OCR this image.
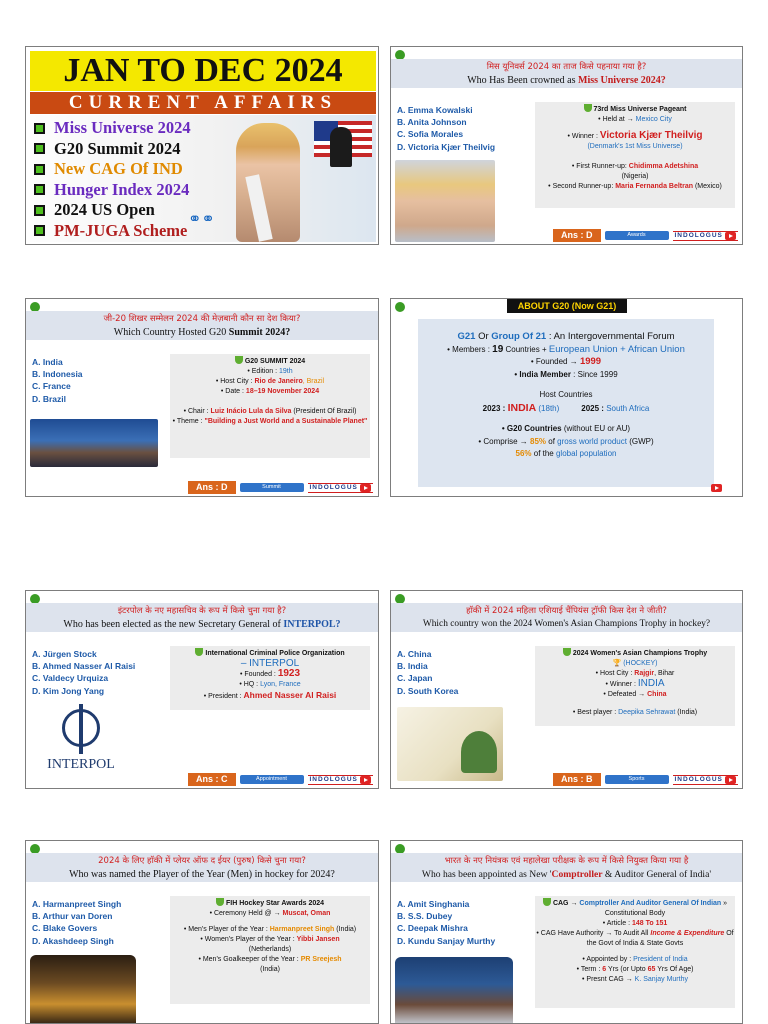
JAN TO DEC 2024
CURRENT AFFAIRS
Miss Universe 2024
G20 Summit 2024
New CAG Of IND
Hunger Index 2024
2024 US Open
PM-JUGA Scheme
⚭⚭
मिस यूनिवर्स 2024 का ताज किसे पहनाया गया है?
Who Has Been crowned as Miss Universe 2024?
A. Emma Kowalski
B. Anita Johnson
C. Sofia Morales
D. Victoria Kjær Theilvig
73rd Miss Universe Pageant
• Held at → Mexico City
• Winner : Victoria Kjær Theilvig
(Denmark's 1st Miss Universe)
• First Runner-up: Chidimma Adetshina
(Nigeria)
• Second Runner-up: Maria Fernanda Beltran (Mexico)
Ans : D	Awards	INDOLOGUS
जी-20 शिखर सम्मेलन 2024 की मेज़बानी कौन सा देश किया?
Which Country Hosted G20 Summit 2024?
A. India
B. Indonesia
C. France
D. Brazil
G20 SUMMIT 2024
• Edition : 19th
• Host City : Rio de Janeiro, Brazil
• Date : 18–19 November 2024
• Chair : Luiz Inácio Lula da Silva (President Of Brazil)
• Theme : "Building a Just World and a Sustainable Planet"
Ans : D	Summit	INDOLOGUS
ABOUT G20 (Now G21)
G21 Or Group Of 21 : An Intergovernmental Forum
• Members : 19 Countries + European Union + African Union
• Founded → 1999
• India Member : Since 1999
Host Countries
2023 : INDIA (18th)	2025 : South Africa
• G20 Countries (without EU or AU)
• Comprise → 85% of gross world product (GWP)
56% of the global population
इंटरपोल के नए महासचिव के रूप में किसे चुना गया है?
Who has been elected as the new Secretary General of INTERPOL?
A. Jürgen Stock
B. Ahmed Nasser Al Raisi
C. Valdecy Urquiza
D. Kim Jong Yang
INTERPOL
International Criminal Police Organization
– INTERPOL
• Founded : 1923
• HQ : Lyon, France
• President : Ahmed Nasser Al Raisi
Ans : C	Appointment	INDOLOGUS
हॉकी में 2024 महिला एशियाई चैंपियंस ट्रॉफी किस देश ने जीती?
Which country won the 2024 Women's Asian Champions Trophy in hockey?
A. China
B. India
C. Japan
D. South Korea
2024 Women's Asian Champions Trophy
🏆 (HOCKEY)
• Host City : Rajgir, Bihar
• Winner : INDIA
• Defeated → China
• Best player : Deepika Sehrawat (India)
Ans : B	Sports	INDOLOGUS
2024 के लिए हॉकी में प्लेयर ऑफ द ईयर (पुरुष) किसे चुना गया?
Who was named the Player of the Year (Men) in hockey for 2024?
A. Harmanpreet Singh
B. Arthur van Doren
C. Blake Govers
D. Akashdeep Singh
FIH Hockey Star Awards 2024
• Ceremony Held @ → Muscat, Oman
• Men's Player of the Year : Harmanpreet Singh (India)
• Women's Player of the Year : Yibbi Jansen
(Netherlands)
• Men's Goalkeeper of the Year : PR Sreejesh
(India)
भारत के नए नियंत्रक एवं महालेखा परीक्षक के रूप में किसे नियुक्त किया गया है
Who has been appointed as New 'Comptroller & Auditor General of India'
A. Amit Singhania
B. S.S. Dubey
C. Deepak Mishra
D. Kundu Sanjay Murthy
CAG → Comptroller And Auditor General Of Indian » Constitutional Body
• Article : 148 To 151
• CAG Have Authority → To Audit All Income & Expenditure Of the Govt of India & State Govts
• Appointed by : President of India
• Term : 6 Yrs (or Upto 65 Yrs Of Age)
• Presnt CAG → K. Sanjay Murthy
